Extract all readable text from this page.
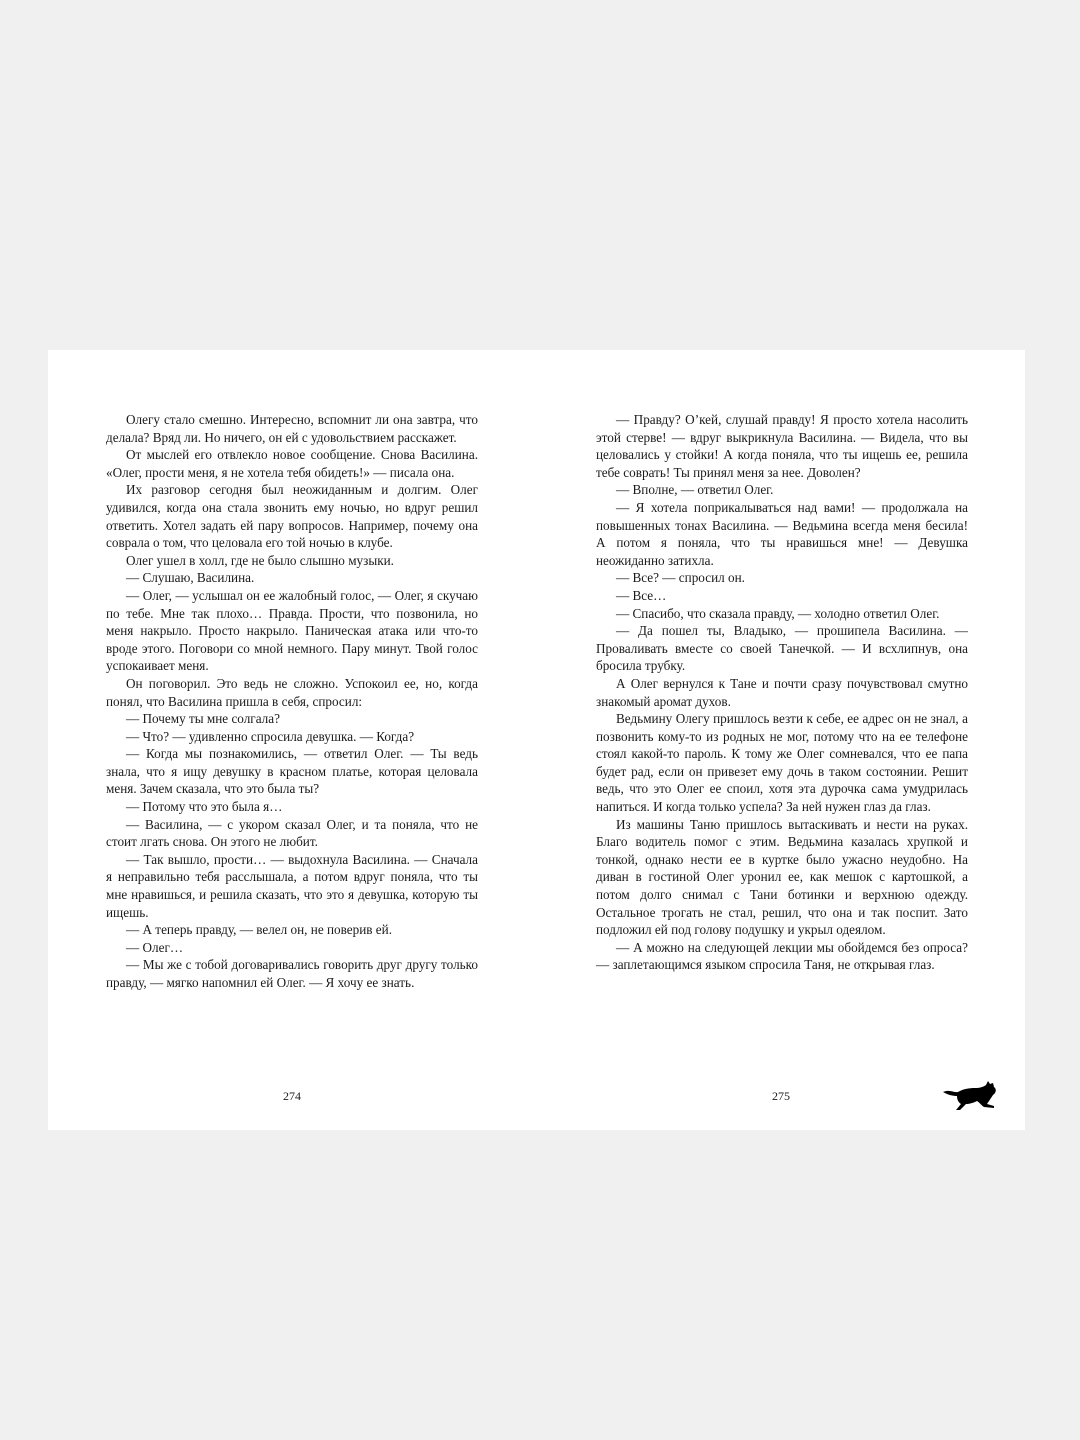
Олегу стало смешно. Интересно, вспомнит ли она завтра, что делала? Вряд ли. Но ничего, он ей с удовольствием расскажет.

От мыслей его отвлекло новое сообщение. Снова Василина. «Олег, прости меня, я не хотела тебя обидеть!» — писала она.

Их разговор сегодня был неожиданным и долгим. Олег удивился, когда она стала звонить ему ночью, но вдруг решил ответить. Хотел задать ей пару вопросов. Например, почему она соврала о том, что целовала его той ночью в клубе.

Олег ушел в холл, где не было слышно музыки.

— Слушаю, Василина.

— Олег, — услышал он ее жалобный голос, — Олег, я скучаю по тебе. Мне так плохо… Правда. Прости, что позвонила, но меня накрыло. Просто накрыло. Паническая атака или что-то вроде этого. Поговори со мной немного. Пару минут. Твой голос успокаивает меня.

Он поговорил. Это ведь не сложно. Успокоил ее, но, когда понял, что Василина пришла в себя, спросил:

— Почему ты мне солгала?

— Что? — удивленно спросила девушка. — Когда?

— Когда мы познакомились, — ответил Олег. — Ты ведь знала, что я ищу девушку в красном платье, которая целовала меня. Зачем сказала, что это была ты?

— Потому что это была я…

— Василина, — с укором сказал Олег, и та поняла, что не стоит лгать снова. Он этого не любит.

— Так вышло, прости… — выдохнула Василина. — Сначала я неправильно тебя расслышала, а потом вдруг поняла, что ты мне нравишься, и решила сказать, что это я девушка, которую ты ищешь.

— А теперь правду, — велел он, не поверив ей.

— Олег…

— Мы же с тобой договаривались говорить друг другу только правду, — мягко напомнил ей Олег. — Я хочу ее знать.

— Правду? О’кей, слушай правду! Я просто хотела насолить этой стерве! — вдруг выкрикнула Василина. — Видела, что вы целовались у стойки! А когда поняла, что ты ищешь ее, решила тебе соврать! Ты принял меня за нее. Доволен?

— Вполне, — ответил Олег.

— Я хотела поприкалываться над вами! — продолжала на повышенных тонах Василина. — Ведьмина всегда меня бесила! А потом я поняла, что ты нравишься мне! — Девушка неожиданно затихла.

— Все? — спросил он.

— Все…

— Спасибо, что сказала правду, — холодно ответил Олег.

— Да пошел ты, Владыко, — прошипела Василина. — Проваливать вместе со своей Танечкой. — И всхлипнув, она бросила трубку.

А Олег вернулся к Тане и почти сразу почувствовал смутно знакомый аромат духов.

Ведьмину Олегу пришлось везти к себе, ее адрес он не знал, а позвонить кому-то из родных не мог, потому что на ее телефоне стоял какой-то пароль. К тому же Олег сомневался, что ее папа будет рад, если он привезет ему дочь в таком состоянии. Решит ведь, что это Олег ее споил, хотя эта дурочка сама умудрилась напиться. И когда только успела? За ней нужен глаз да глаз.

Из машины Таню пришлось вытаскивать и нести на руках. Благо водитель помог с этим. Ведьмина казалась хрупкой и тонкой, однако нести ее в куртке было ужасно неудобно. На диван в гостиной Олег уронил ее, как мешок с картошкой, а потом долго снимал с Тани ботинки и верхнюю одежду. Остальное трогать не стал, решил, что она и так поспит. Зато подложил ей под голову подушку и укрыл одеялом.

— А можно на следующей лекции мы обойдемся без опроса? — заплетающимся языком спросила Таня, не открывая глаз.

274	275
